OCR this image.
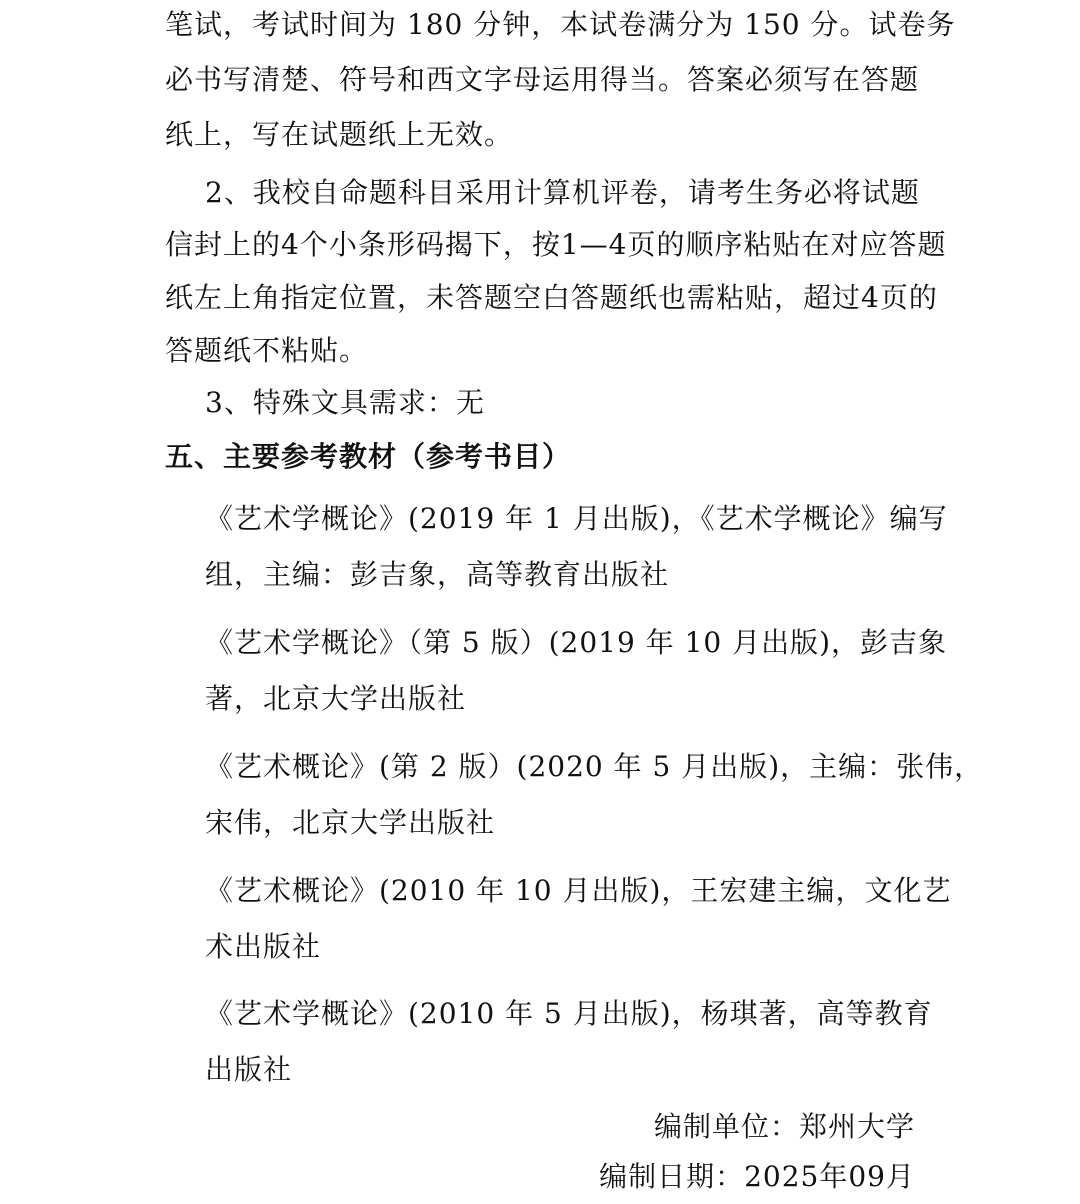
笔试，考试时间为 180 分钟，本试卷满分为 150 分。试卷务
必书写清楚、符号和西文字母运用得当。答案必须写在答题
纸上，写在试题纸上无效。
2、我校自命题科目采用计算机评卷，请考生务必将试题
信封上的4个小条形码揭下，按1—4页的顺序粘贴在对应答题
纸左上角指定位置，未答题空白答题纸也需粘贴，超过4页的
答题纸不粘贴。
3、特殊文具需求：无
五、主要参考教材（参考书目）
《艺术学概论》(2019 年 1 月出版)，《艺术学概论》编写
组，主编：彭吉象，高等教育出版社
《艺术学概论》（第 5 版）(2019 年 10 月出版)，彭吉象
著，北京大学出版社
《艺术概论》(第 2 版）(2020 年 5 月出版)，主编：张伟，
宋伟，北京大学出版社
《艺术概论》(2010 年 10 月出版)，王宏建主编，文化艺
术出版社
《艺术学概论》(2010 年 5 月出版)，杨琪著，高等教育
出版社
编制单位：郑州大学
编制日期：2025年09月
